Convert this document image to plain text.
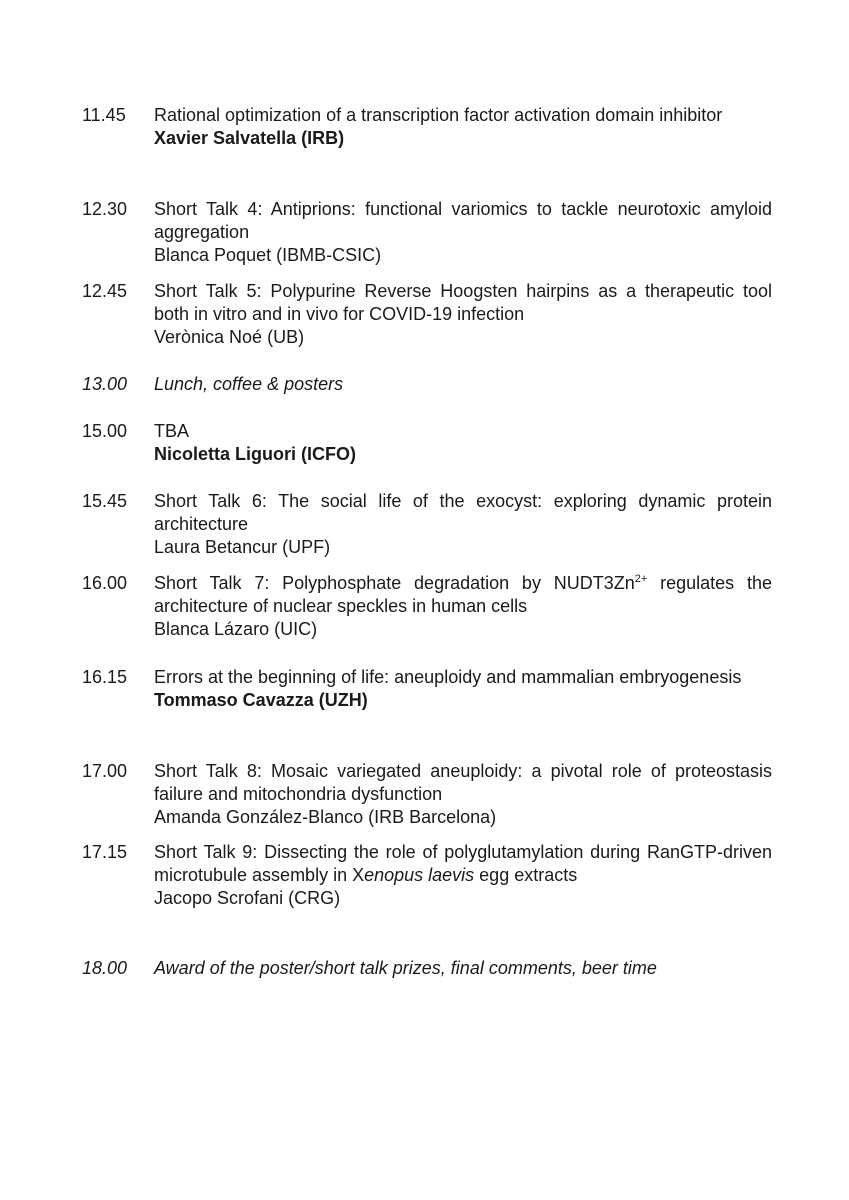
11.45	Rational optimization of a transcription factor activation domain inhibitor
Xavier Salvatella (IRB)
12.30	Short Talk 4: Antiprions: functional variomics to tackle neurotoxic amyloid aggregation
Blanca Poquet (IBMB-CSIC)
12.45	Short Talk 5: Polypurine Reverse Hoogsten hairpins as a therapeutic tool both in vitro and in vivo for COVID-19 infection
Verònica Noé (UB)
13.00	Lunch, coffee & posters
15.00	TBA
Nicoletta Liguori (ICFO)
15.45	Short Talk 6: The social life of the exocyst: exploring dynamic protein architecture
Laura Betancur (UPF)
16.00	Short Talk 7: Polyphosphate degradation by $NUDT3Zn^{2+}$ regulates the architecture of nuclear speckles in human cells
Blanca Lázaro (UIC)
16.15	Errors at the beginning of life: aneuploidy and mammalian embryogenesis
Tommaso Cavazza (UZH)
17.00	Short Talk 8: Mosaic variegated aneuploidy: a pivotal role of proteostasis failure and mitochondria dysfunction
Amanda González-Blanco (IRB Barcelona)
17.15	Short Talk 9: Dissecting the role of polyglutamylation during RanGTP-driven microtubule assembly in Xenopus laevis egg extracts
Jacopo Scrofani (CRG)
18.00	Award of the poster/short talk prizes, final comments, beer time
